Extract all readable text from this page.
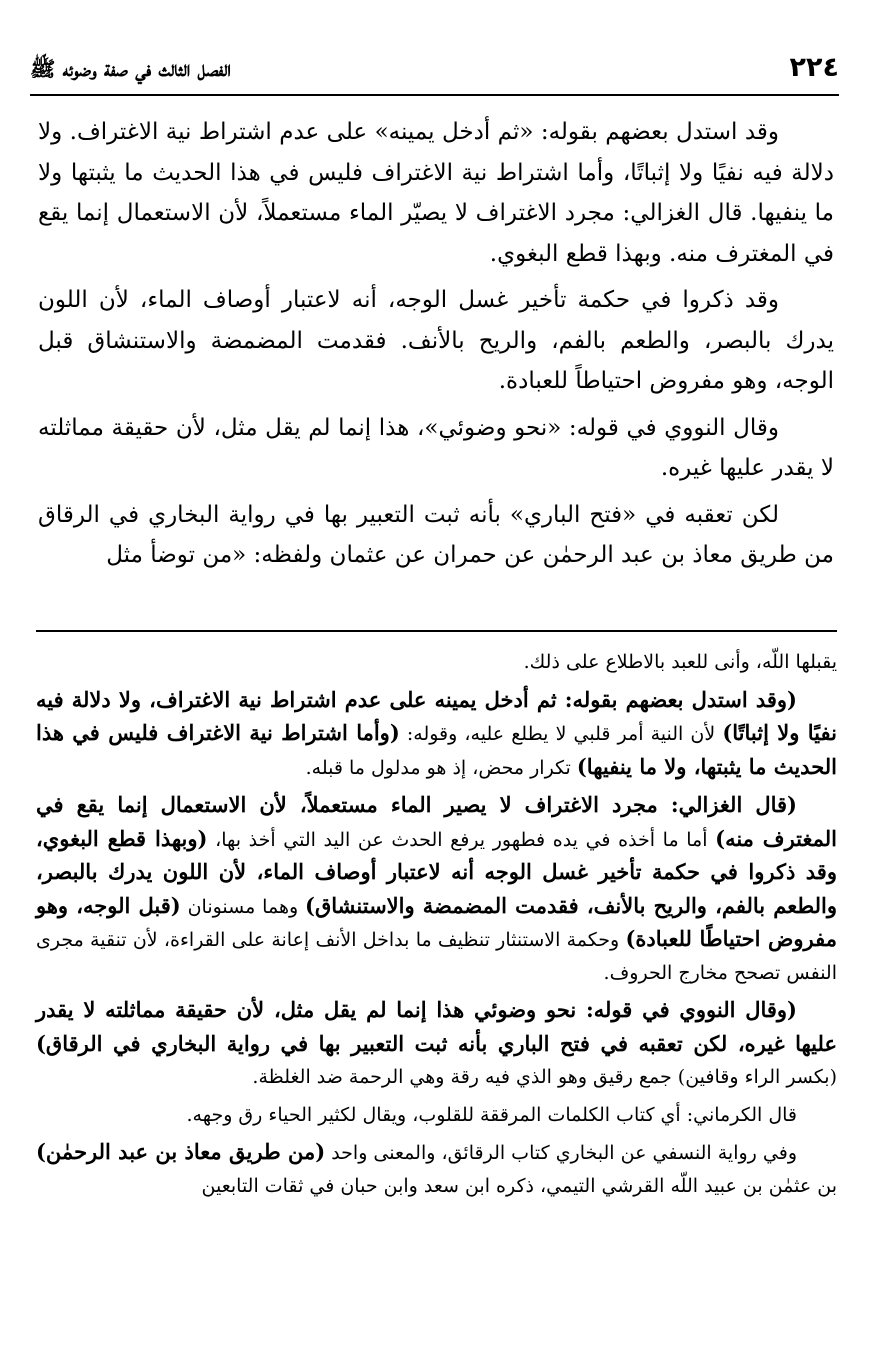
٢٢٤
الفصل الثالث في صفة وضوئه ﷺ

وقد استدل بعضهم بقوله: «ثم أدخل يمينه» على عدم اشتراط نية الاغتراف. ولا دلالة فيه نفيًا ولا إثباتًا، وأما اشتراط نية الاغتراف فليس في هذا الحديث ما يثبتها ولا ما ينفيها. قال الغزالي: مجرد الاغتراف لا يصيّر الماء مستعملاً، لأن الاستعمال إنما يقع في المغترف منه. وبهذا قطع البغوي.

وقد ذكروا في حكمة تأخير غسل الوجه، أنه لاعتبار أوصاف الماء، لأن اللون يدرك بالبصر، والطعم بالفم، والريح بالأنف. فقدمت المضمضة والاستنشاق قبل الوجه، وهو مفروض احتياطاً للعبادة.

وقال النووي في قوله: «نحو وضوئي»، هذا إنما لم يقل مثل، لأن حقيقة مماثلته لا يقدر عليها غيره.

لكن تعقبه في «فتح الباري» بأنه ثبت التعبير بها في رواية البخاري في الرقاق من طريق معاذ بن عبد الرحمٰن عن حمران عن عثمان ولفظه: «من توضأ مثل

يقبلها اللّه، وأنى للعبد بالاطلاع على ذلك.

(وقد استدل بعضهم بقوله: ثم أدخل يمينه على عدم اشتراط نية الاغتراف، ولا دلالة فيه نفيًا ولا إثباتًا) لأن النية أمر قلبي لا يطلع عليه، وقوله: (وأما اشتراط نية الاغتراف فليس في هذا الحديث ما يثبتها، ولا ما ينفيها) تكرار محض، إذ هو مدلول ما قبله.

(قال الغزالي: مجرد الاغتراف لا يصير الماء مستعملاً، لأن الاستعمال إنما يقع في المغترف منه) أما ما أخذه في يده فطهور يرفع الحدث عن اليد التي أخذ بها، (وبهذا قطع البغوي، وقد ذكروا في حكمة تأخير غسل الوجه أنه لاعتبار أوصاف الماء، لأن اللون يدرك بالبصر، والطعم بالفم، والريح بالأنف، فقدمت المضمضة والاستنشاق) وهما مسنونان (قبل الوجه، وهو مفروض احتياطًا للعبادة) وحكمة الاستنثار تنظيف ما بداخل الأنف إعانة على القراءة، لأن تنقية مجرى النفس تصحح مخارج الحروف.

(وقال النووي في قوله: نحو وضوئي هذا إنما لم يقل مثل، لأن حقيقة مماثلته لا يقدر عليها غيره، لكن تعقبه في فتح الباري بأنه ثبت التعبير بها في رواية البخاري في الرقاق) (بكسر الراء وقافين) جمع رقيق وهو الذي فيه رقة وهي الرحمة ضد الغلظة.

قال الكرماني: أي كتاب الكلمات المرققة للقلوب، ويقال لكثير الحياء رق وجهه.

وفي رواية النسفي عن البخاري كتاب الرقائق، والمعنى واحد (من طريق معاذ بن عبد الرحمٰن) بن عثمٰن بن عبيد اللّه القرشي التيمي، ذكره ابن سعد وابن حبان في ثقات التابعين
